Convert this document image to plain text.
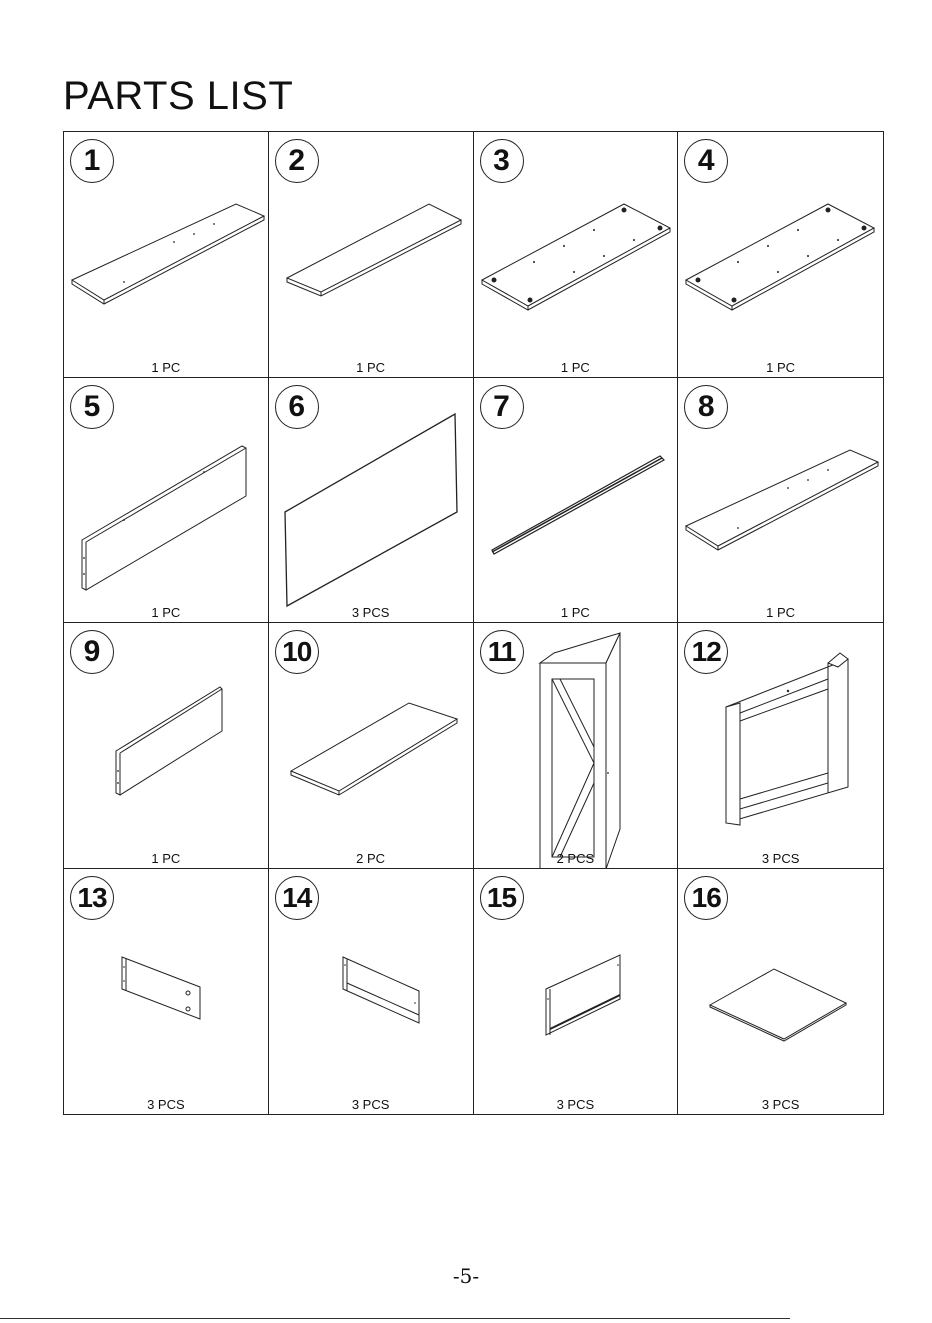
PARTS LIST
1
1 PC
2
1 PC
3
1 PC
4
1 PC
5
1 PC
6
3 PCS
7
1 PC
8
1 PC
9
1 PC
10
2 PC
11
2 PCS
12
3 PCS
13
3 PCS
14
3 PCS
15
3 PCS
16
3 PCS
-5-
